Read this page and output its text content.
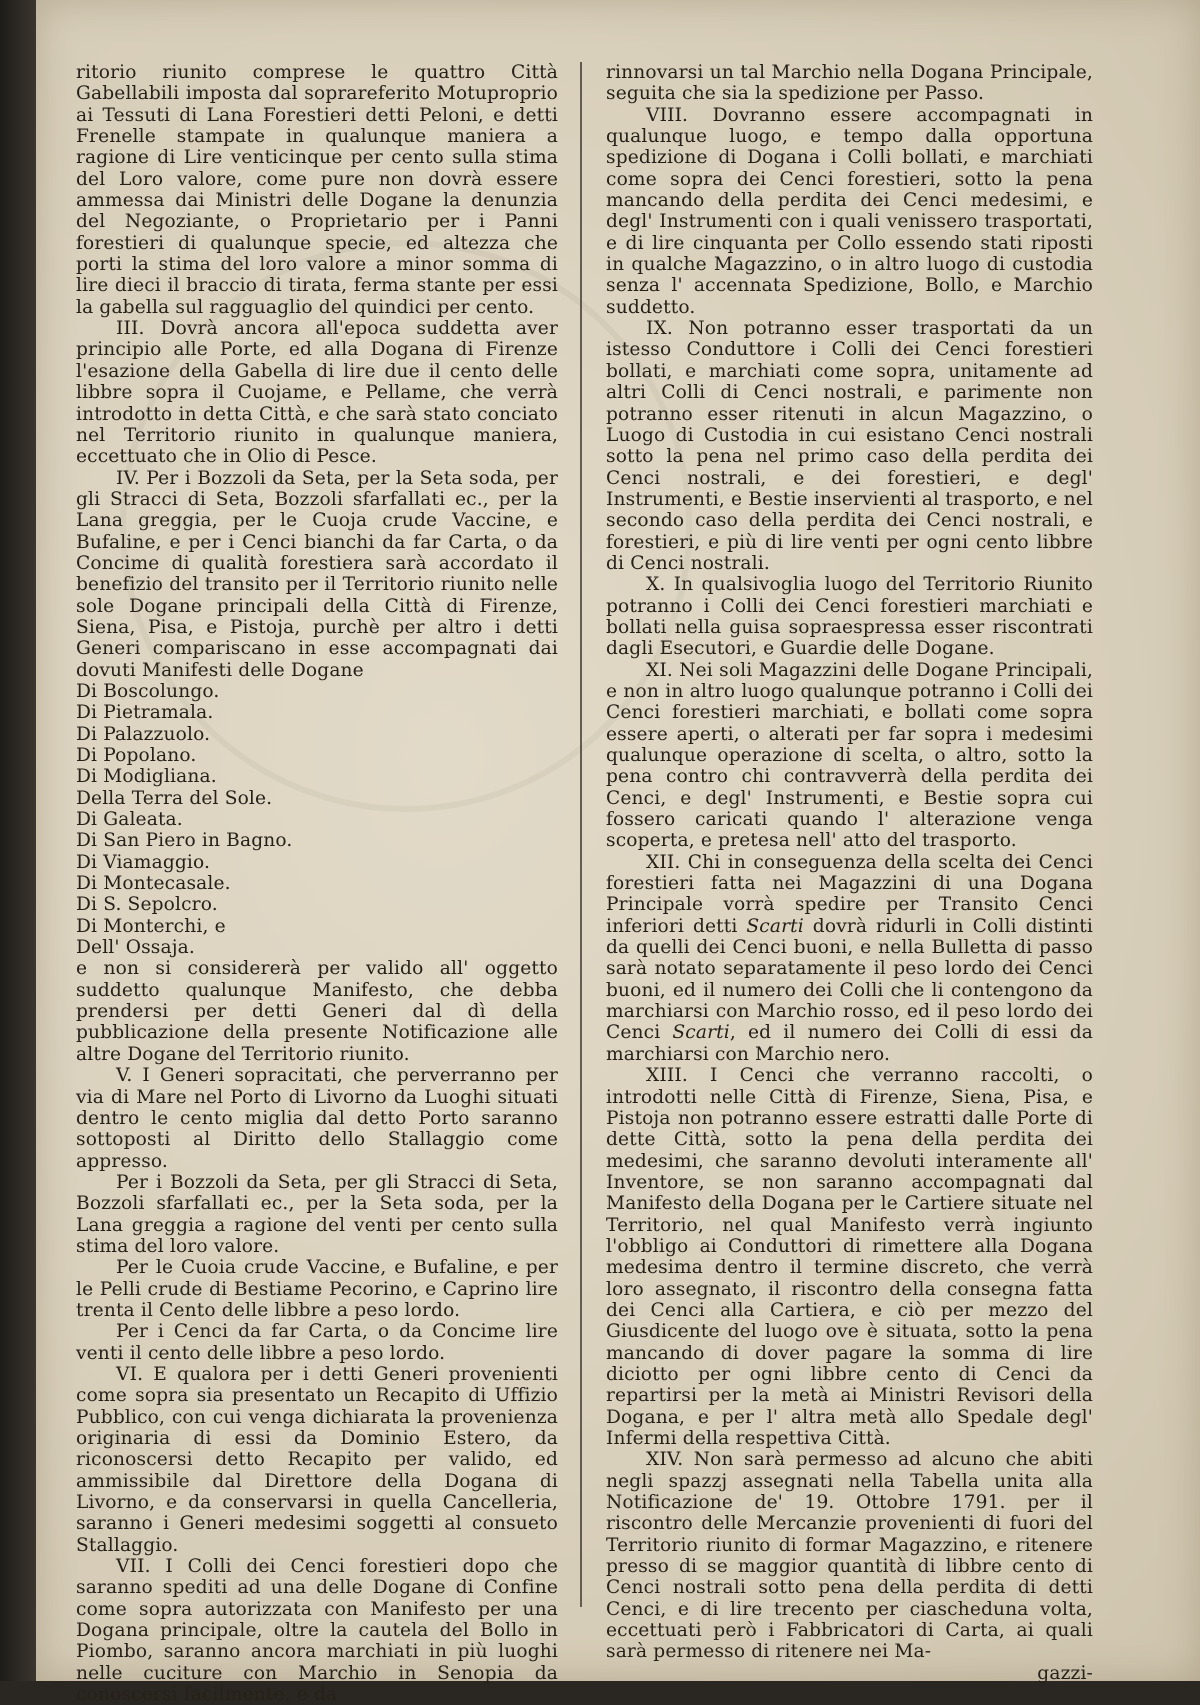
ritorio riunito comprese le quattro Città Gabellabili imposta dal soprareferito Motuproprio ai Tessuti di Lana Forestieri detti Peloni, e detti Frenelle stampate in qualunque maniera a ragione di Lire venticinque per cento sulla stima del Loro valore, come pure non dovrà essere ammessa dai Ministri delle Dogane la denunzia del Negoziante, o Proprietario per i Panni forestieri di qualunque specie, ed altezza che porti la stima del loro valore a minor somma di lire dieci il braccio di tirata, ferma stante per essi la gabella sul ragguaglio del quindici per cento.

III. Dovrà ancora all'epoca suddetta aver principio alle Porte, ed alla Dogana di Firenze l'esazione della Gabella di lire due il cento delle libbre sopra il Cuojame, e Pellame, che verrà introdotto in detta Città, e che sarà stato conciato nel Territorio riunito in qualunque maniera, eccettuato che in Olio di Pesce.

IV. Per i Bozzoli da Seta, per la Seta soda, per gli Stracci di Seta, Bozzoli sfarfallati ec., per la Lana greggia, per le Cuoja crude Vaccine, e Bufaline, e per i Cenci bianchi da far Carta, o da Concime di qualità forestiera sarà accordato il benefizio del transito per il Territorio riunito nelle sole Dogane principali della Città di Firenze, Siena, Pisa, e Pistoja, purchè per altro i detti Generi compariscano in esse accompagnati dai dovuti Manifesti delle Dogane

Di Boscolungo.

Di Pietramala.

Di Palazzuolo.

Di Popolano.

Di Modigliana.

Della Terra del Sole.

Di Galeata.

Di San Piero in Bagno.

Di Viamaggio.

Di Montecasale.

Di S. Sepolcro.

Di Monterchi, e

Dell' Ossaja.

e non si considererà per valido all' oggetto suddetto qualunque Manifesto, che debba prendersi per detti Generi dal dì della pubblicazione della presente Notificazione alle altre Dogane del Territorio riunito.

V. I Generi sopracitati, che perverranno per via di Mare nel Porto di Livorno da Luoghi situati dentro le cento miglia dal detto Porto saranno sottoposti al Diritto dello Stallaggio come appresso.

Per i Bozzoli da Seta, per gli Stracci di Seta, Bozzoli sfarfallati ec., per la Seta soda, per la Lana greggia a ragione del venti per cento sulla stima del loro valore.

Per le Cuoia crude Vaccine, e Bufaline, e per le Pelli crude di Bestiame Pecorino, e Caprino lire trenta il Cento delle libbre a peso lordo.

Per i Cenci da far Carta, o da Concime lire venti il cento delle libbre a peso lordo.

VI. E qualora per i detti Generi provenienti come sopra sia presentato un Recapito di Uffizio Pubblico, con cui venga dichiarata la provenienza originaria di essi da Dominio Estero, da riconoscersi detto Recapito per valido, ed ammissibile dal Direttore della Dogana di Livorno, e da conservarsi in quella Cancelleria, saranno i Generi medesimi soggetti al consueto Stallaggio.

VII. I Colli dei Cenci forestieri dopo che saranno spediti ad una delle Dogane di Confine come sopra autorizzata con Manifesto per una Dogana principale, oltre la cautela del Bollo in Piombo, saranno ancora marchiati in più luoghi nelle cuciture con Marchio in Senopia da conoscersi facilmente, e da

rinnovarsi un tal Marchio nella Dogana Principale, seguita che sia la spedizione per Passo.

VIII. Dovranno essere accompagnati in qualunque luogo, e tempo dalla opportuna spedizione di Dogana i Colli bollati, e marchiati come sopra dei Cenci forestieri, sotto la pena mancando della perdita dei Cenci medesimi, e degl' Instrumenti con i quali venissero trasportati, e di lire cinquanta per Collo essendo stati riposti in qualche Magazzino, o in altro luogo di custodia senza l' accennata Spedizione, Bollo, e Marchio suddetto.

IX. Non potranno esser trasportati da un istesso Conduttore i Colli dei Cenci forestieri bollati, e marchiati come sopra, unitamente ad altri Colli di Cenci nostrali, e parimente non potranno esser ritenuti in alcun Magazzino, o Luogo di Custodia in cui esistano Cenci nostrali sotto la pena nel primo caso della perdita dei Cenci nostrali, e dei forestieri, e degl' Instrumenti, e Bestie inservienti al trasporto, e nel secondo caso della perdita dei Cenci nostrali, e forestieri, e più di lire venti per ogni cento libbre di Cenci nostrali.

X. In qualsivoglia luogo del Territorio Riunito potranno i Colli dei Cenci forestieri marchiati e bollati nella guisa sopraespressa esser riscontrati dagli Esecutori, e Guardie delle Dogane.

XI. Nei soli Magazzini delle Dogane Principali, e non in altro luogo qualunque potranno i Colli dei Cenci forestieri marchiati, e bollati come sopra essere aperti, o alterati per far sopra i medesimi qualunque operazione di scelta, o altro, sotto la pena contro chi contravverrà della perdita dei Cenci, e degl' Instrumenti, e Bestie sopra cui fossero caricati quando l' alterazione venga scoperta, e pretesa nell' atto del trasporto.

XII. Chi in conseguenza della scelta dei Cenci forestieri fatta nei Magazzini di una Dogana Principale vorrà spedire per Transito Cenci inferiori detti Scarti dovrà ridurli in Colli distinti da quelli dei Cenci buoni, e nella Bulletta di passo sarà notato separatamente il peso lordo dei Cenci buoni, ed il numero dei Colli che li contengono da marchiarsi con Marchio rosso, ed il peso lordo dei Cenci Scarti, ed il numero dei Colli di essi da marchiarsi con Marchio nero.

XIII. I Cenci che verranno raccolti, o introdotti nelle Città di Firenze, Siena, Pisa, e Pistoja non potranno essere estratti dalle Porte di dette Città, sotto la pena della perdita dei medesimi, che saranno devoluti interamente all' Inventore, se non saranno accompagnati dal Manifesto della Dogana per le Cartiere situate nel Territorio, nel qual Manifesto verrà ingiunto l'obbligo ai Conduttori di rimettere alla Dogana medesima dentro il termine discreto, che verrà loro assegnato, il riscontro della consegna fatta dei Cenci alla Cartiera, e ciò per mezzo del Giusdicente del luogo ove è situata, sotto la pena mancando di dover pagare la somma di lire diciotto per ogni libbre cento di Cenci da repartirsi per la metà ai Ministri Revisori della Dogana, e per l' altra metà allo Spedale degl' Infermi della respettiva Città.

XIV. Non sarà permesso ad alcuno che abiti negli spazzj assegnati nella Tabella unita alla Notificazione de' 19. Ottobre 1791. per il riscontro delle Mercanzie provenienti di fuori del Territorio riunito di formar Magazzino, e ritenere presso di se maggior quantità di libbre cento di Cenci nostrali sotto pena della perdita di detti Cenci, e di lire trecento per ciascheduna volta, eccettuati però i Fabbricatori di Carta, ai quali sarà permesso di ritenere nei Ma-

gazzi-
